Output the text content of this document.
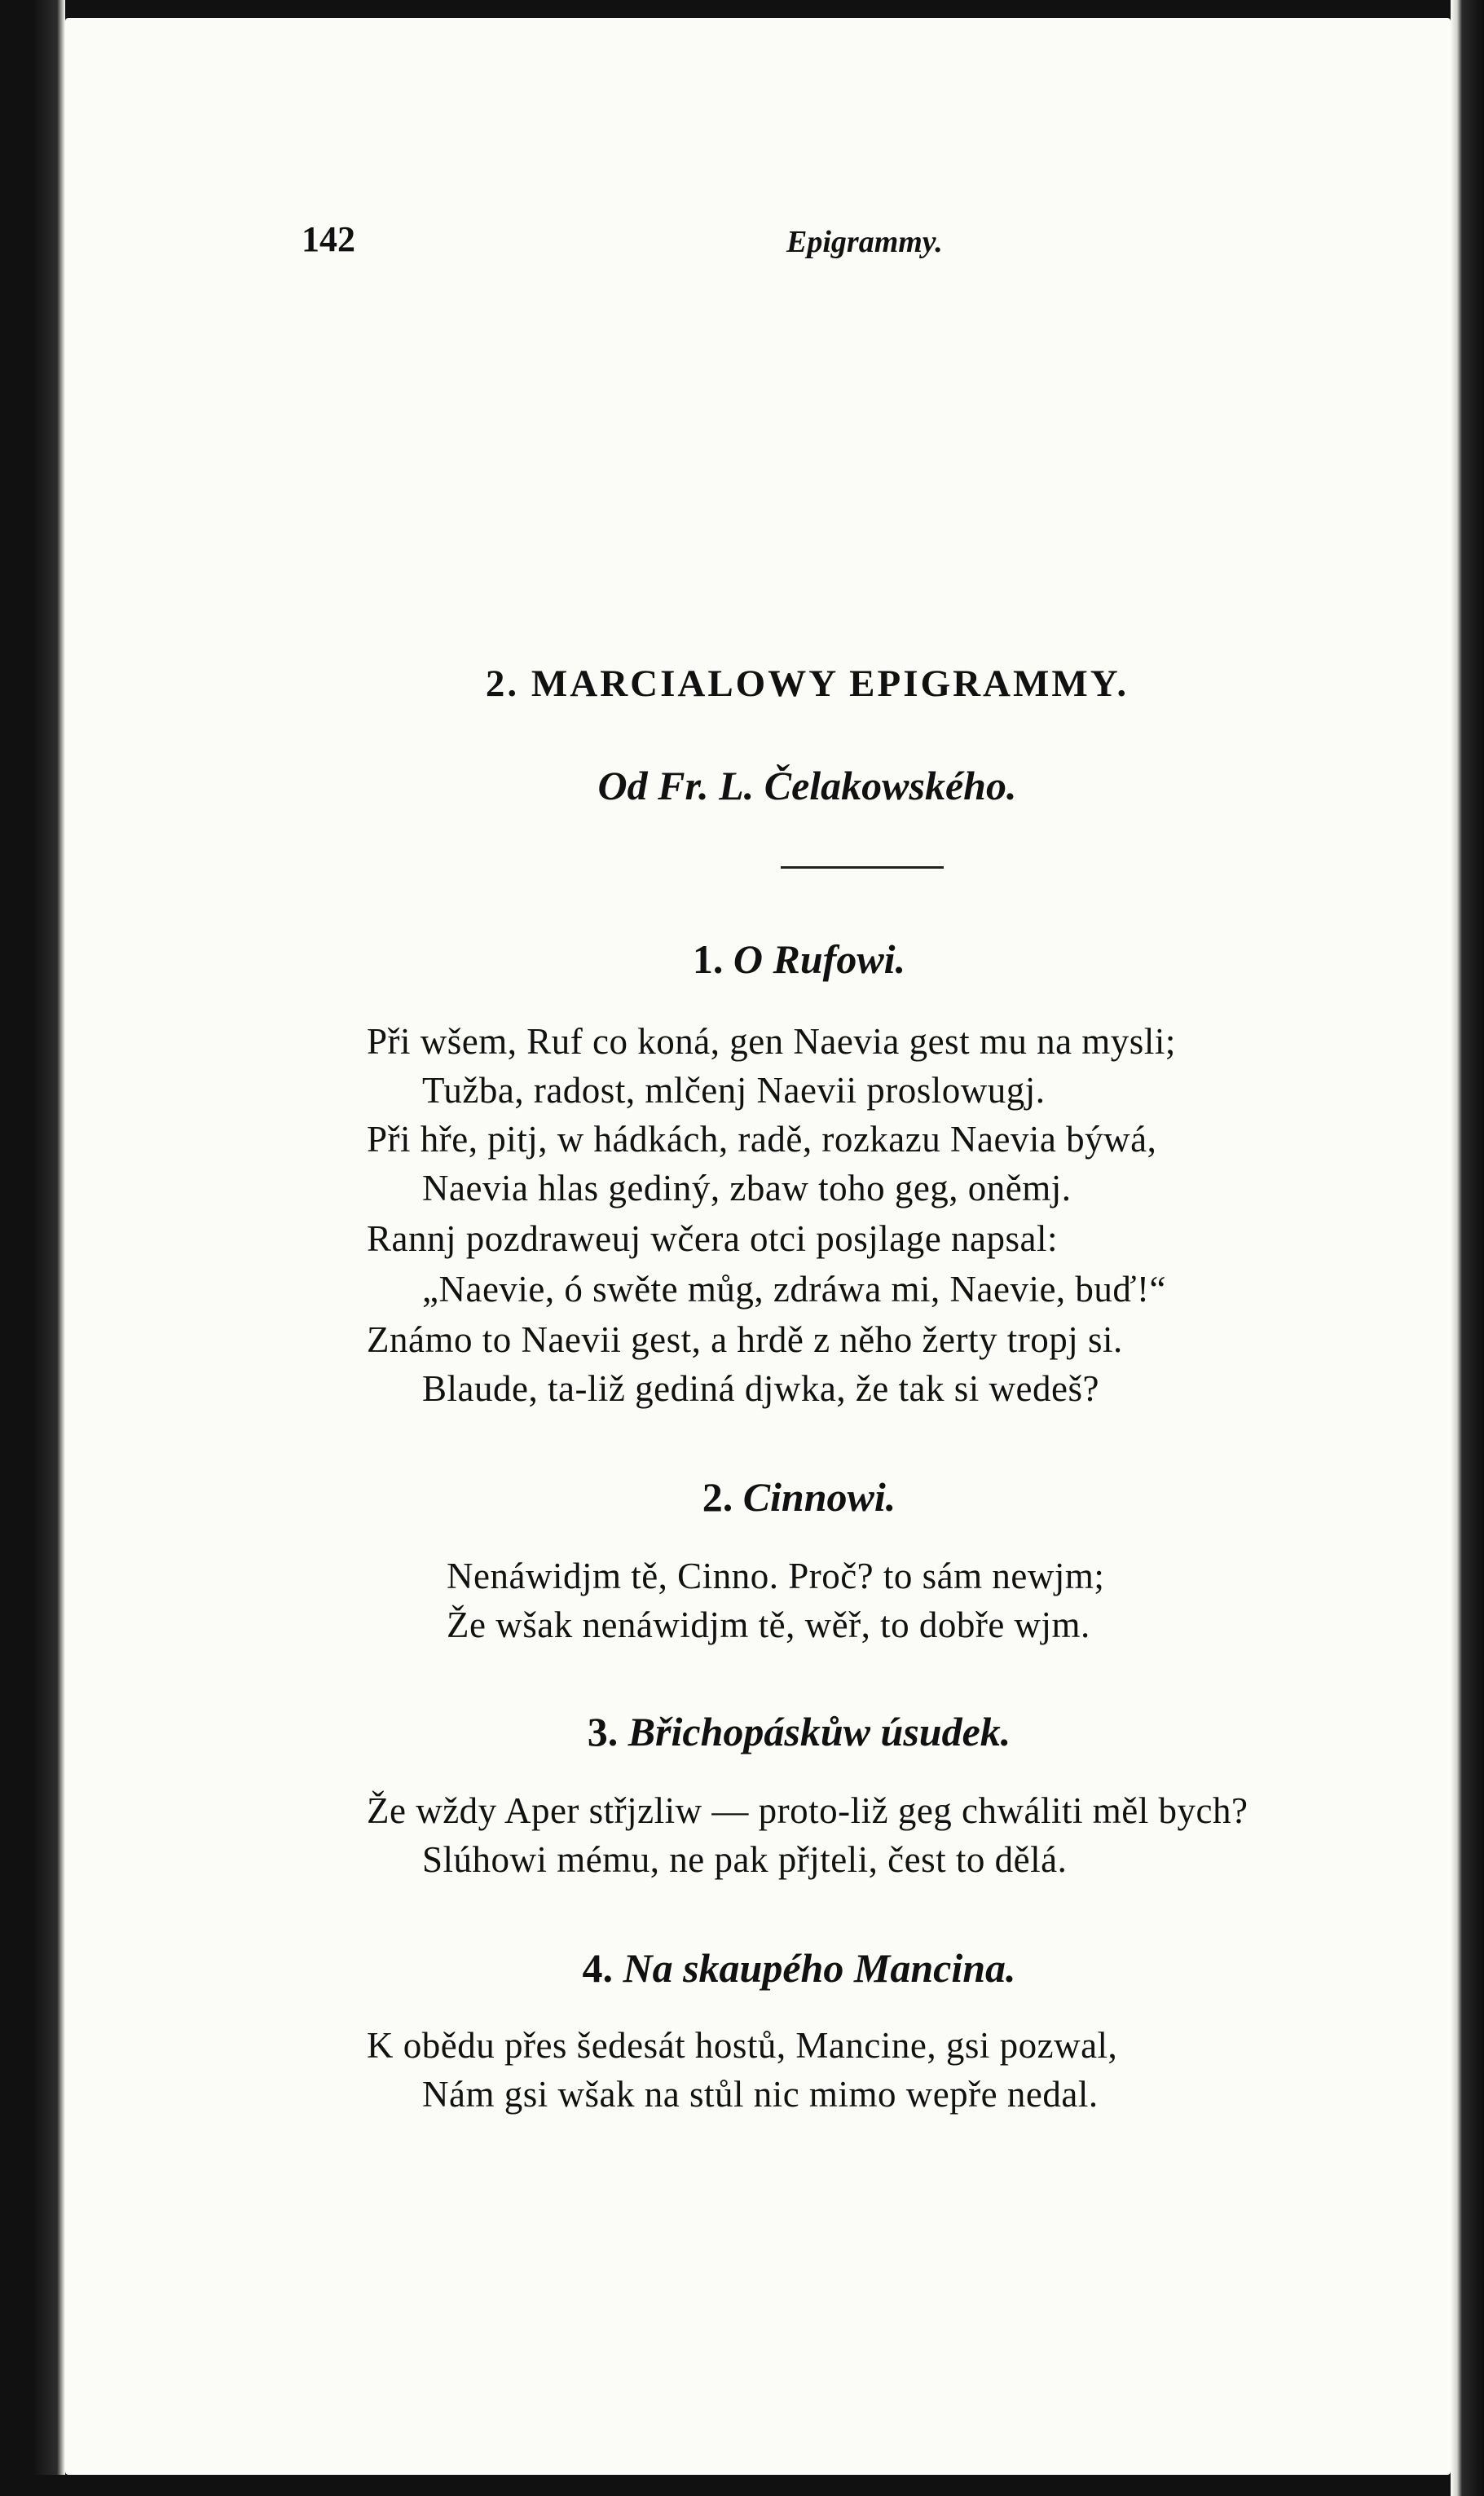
142	Epigrammy.
2. MARCIALOWY EPIGRAMMY.
Od Fr. L. Čelakowského.
1. O Rufowi.
Při wšem, Ruf co koná, gen Naevia gest mu na mysli;
Tužba, radost, mlčenj Naevii proslowugj.
Při hře, pitj, w hádkách, radě, rozkazu Naevia býwá,
Naevia hlas gediný, zbaw toho geg, oněmj.
Rannj pozdraweuj wčera otci posjlage napsal:
„Naevie, ó swěte můg, zdráwa mi, Naevie, buď!“
Známo to Naevii gest, a hrdě z něho žerty tropj si.
Blaude, ta-liž gediná djwka, že tak si wedeš?
2. Cinnowi.
Nenáwidjm tě, Cinno. Proč? to sám newjm;
Že wšak nenáwidjm tě, wěř, to dobře wjm.
3. Břichopáskůw úsudek.
Že wždy Aper střjzliw — proto-liž geg chwáliti měl bych?
Slúhowi mému, ne pak přjteli, čest to dělá.
4. Na skaupého Mancina.
K obědu přes šedesát hostů, Mancine, gsi pozwal,
Nám gsi wšak na stůl nic mimo wepře nedal.
